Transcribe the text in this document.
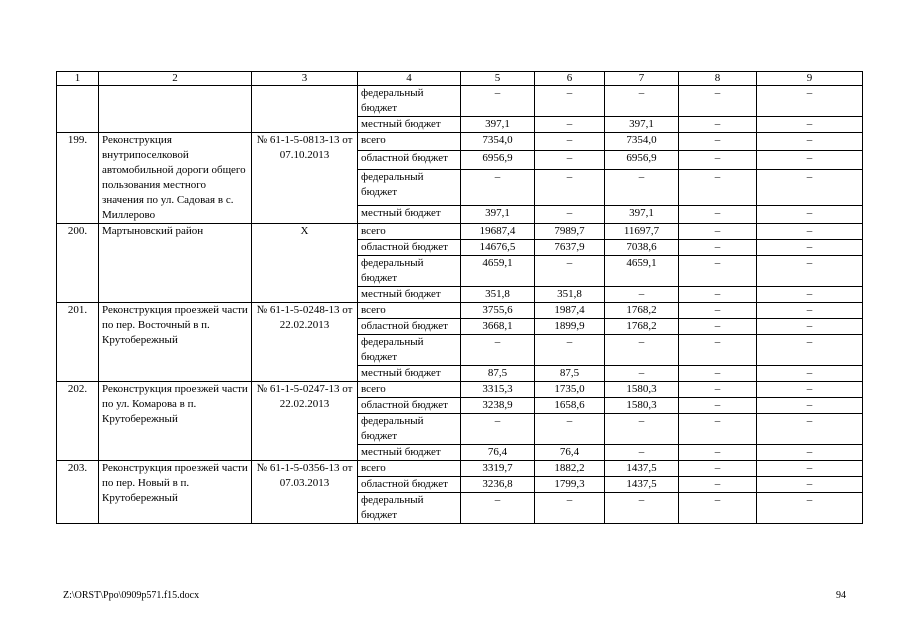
1	2	3	4	5	6	7	8	9
			федеральный бюджет	–	–	–	–	–
			местный бюджет	397,1	–	397,1	–	–
199.	Реконструкция внутрипоселковой автомобильной дороги общего пользования местного значения по ул. Садовая в с. Миллерово	№ 61-1-5-0813-13 от 07.10.2013	всего	7354,0	–	7354,0	–	–
			областной бюджет	6956,9	–	6956,9	–	–
			федеральный бюджет	–	–	–	–	–
			местный бюджет	397,1	–	397,1	–	–
200.	Мартыновский район	Х	всего	19687,4	7989,7	11697,7	–	–
			областной бюджет	14676,5	7637,9	7038,6	–	–
			федеральный бюджет	4659,1	–	4659,1	–	–
			местный бюджет	351,8	351,8	–	–	–
201.	Реконструкция проезжей части по пер. Восточный в п. Крутобережный	№ 61-1-5-0248-13 от 22.02.2013	всего	3755,6	1987,4	1768,2	–	–
			областной бюджет	3668,1	1899,9	1768,2	–	–
			федеральный бюджет	–	–	–	–	–
			местный бюджет	87,5	87,5	–	–	–
202.	Реконструкция проезжей части по ул. Комарова в п. Крутобережный	№ 61-1-5-0247-13 от 22.02.2013	всего	3315,3	1735,0	1580,3	–	–
			областной бюджет	3238,9	1658,6	1580,3	–	–
			федеральный бюджет	–	–	–	–	–
			местный бюджет	76,4	76,4	–	–	–
203.	Реконструкция проезжей части по пер. Новый в п. Крутобережный	№ 61-1-5-0356-13 от 07.03.2013	всего	3319,7	1882,2	1437,5	–	–
			областной бюджет	3236,8	1799,3	1437,5	–	–
			федеральный бюджет	–	–	–	–	–
Z:\ORST\Ppo\0909p571.f15.docx	94
